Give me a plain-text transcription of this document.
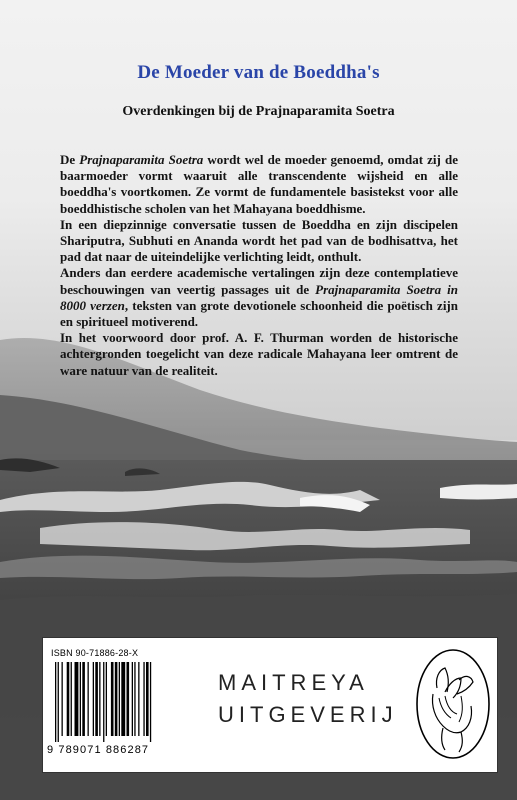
De Moeder van de Boeddha's
Overdenkingen bij de Prajnaparamita Soetra

De Prajnaparamita Soetra wordt wel de moeder genoemd, omdat zij de baarmoeder vormt waaruit alle transcendente wijsheid en alle boeddha's voortkomen. Ze vormt de fundamentele basistekst voor alle boeddhistische scholen van het Mahayana boeddhisme.

In een diepzinnige conversatie tussen de Boeddha en zijn discipelen Shariputra, Subhuti en Ananda wordt het pad van de bodhisattva, het pad dat naar de uiteindelijke verlichting leidt, onthult.

Anders dan eerdere academische vertalingen zijn deze contemplatieve beschouwingen van veertig passages uit de Prajnaparamita Soetra in 8000 verzen, teksten van grote devotionele schoonheid die poëtisch zijn en spiritueel motiverend.

In het voorwoord door prof. A. F. Thurman worden de historische achtergronden toegelicht van deze radicale Mahayana leer omtrent de ware natuur van de realiteit.

ISBN 90-71886-28-X
9 789071 886287
MAITREYA
UITGEVERIJ
